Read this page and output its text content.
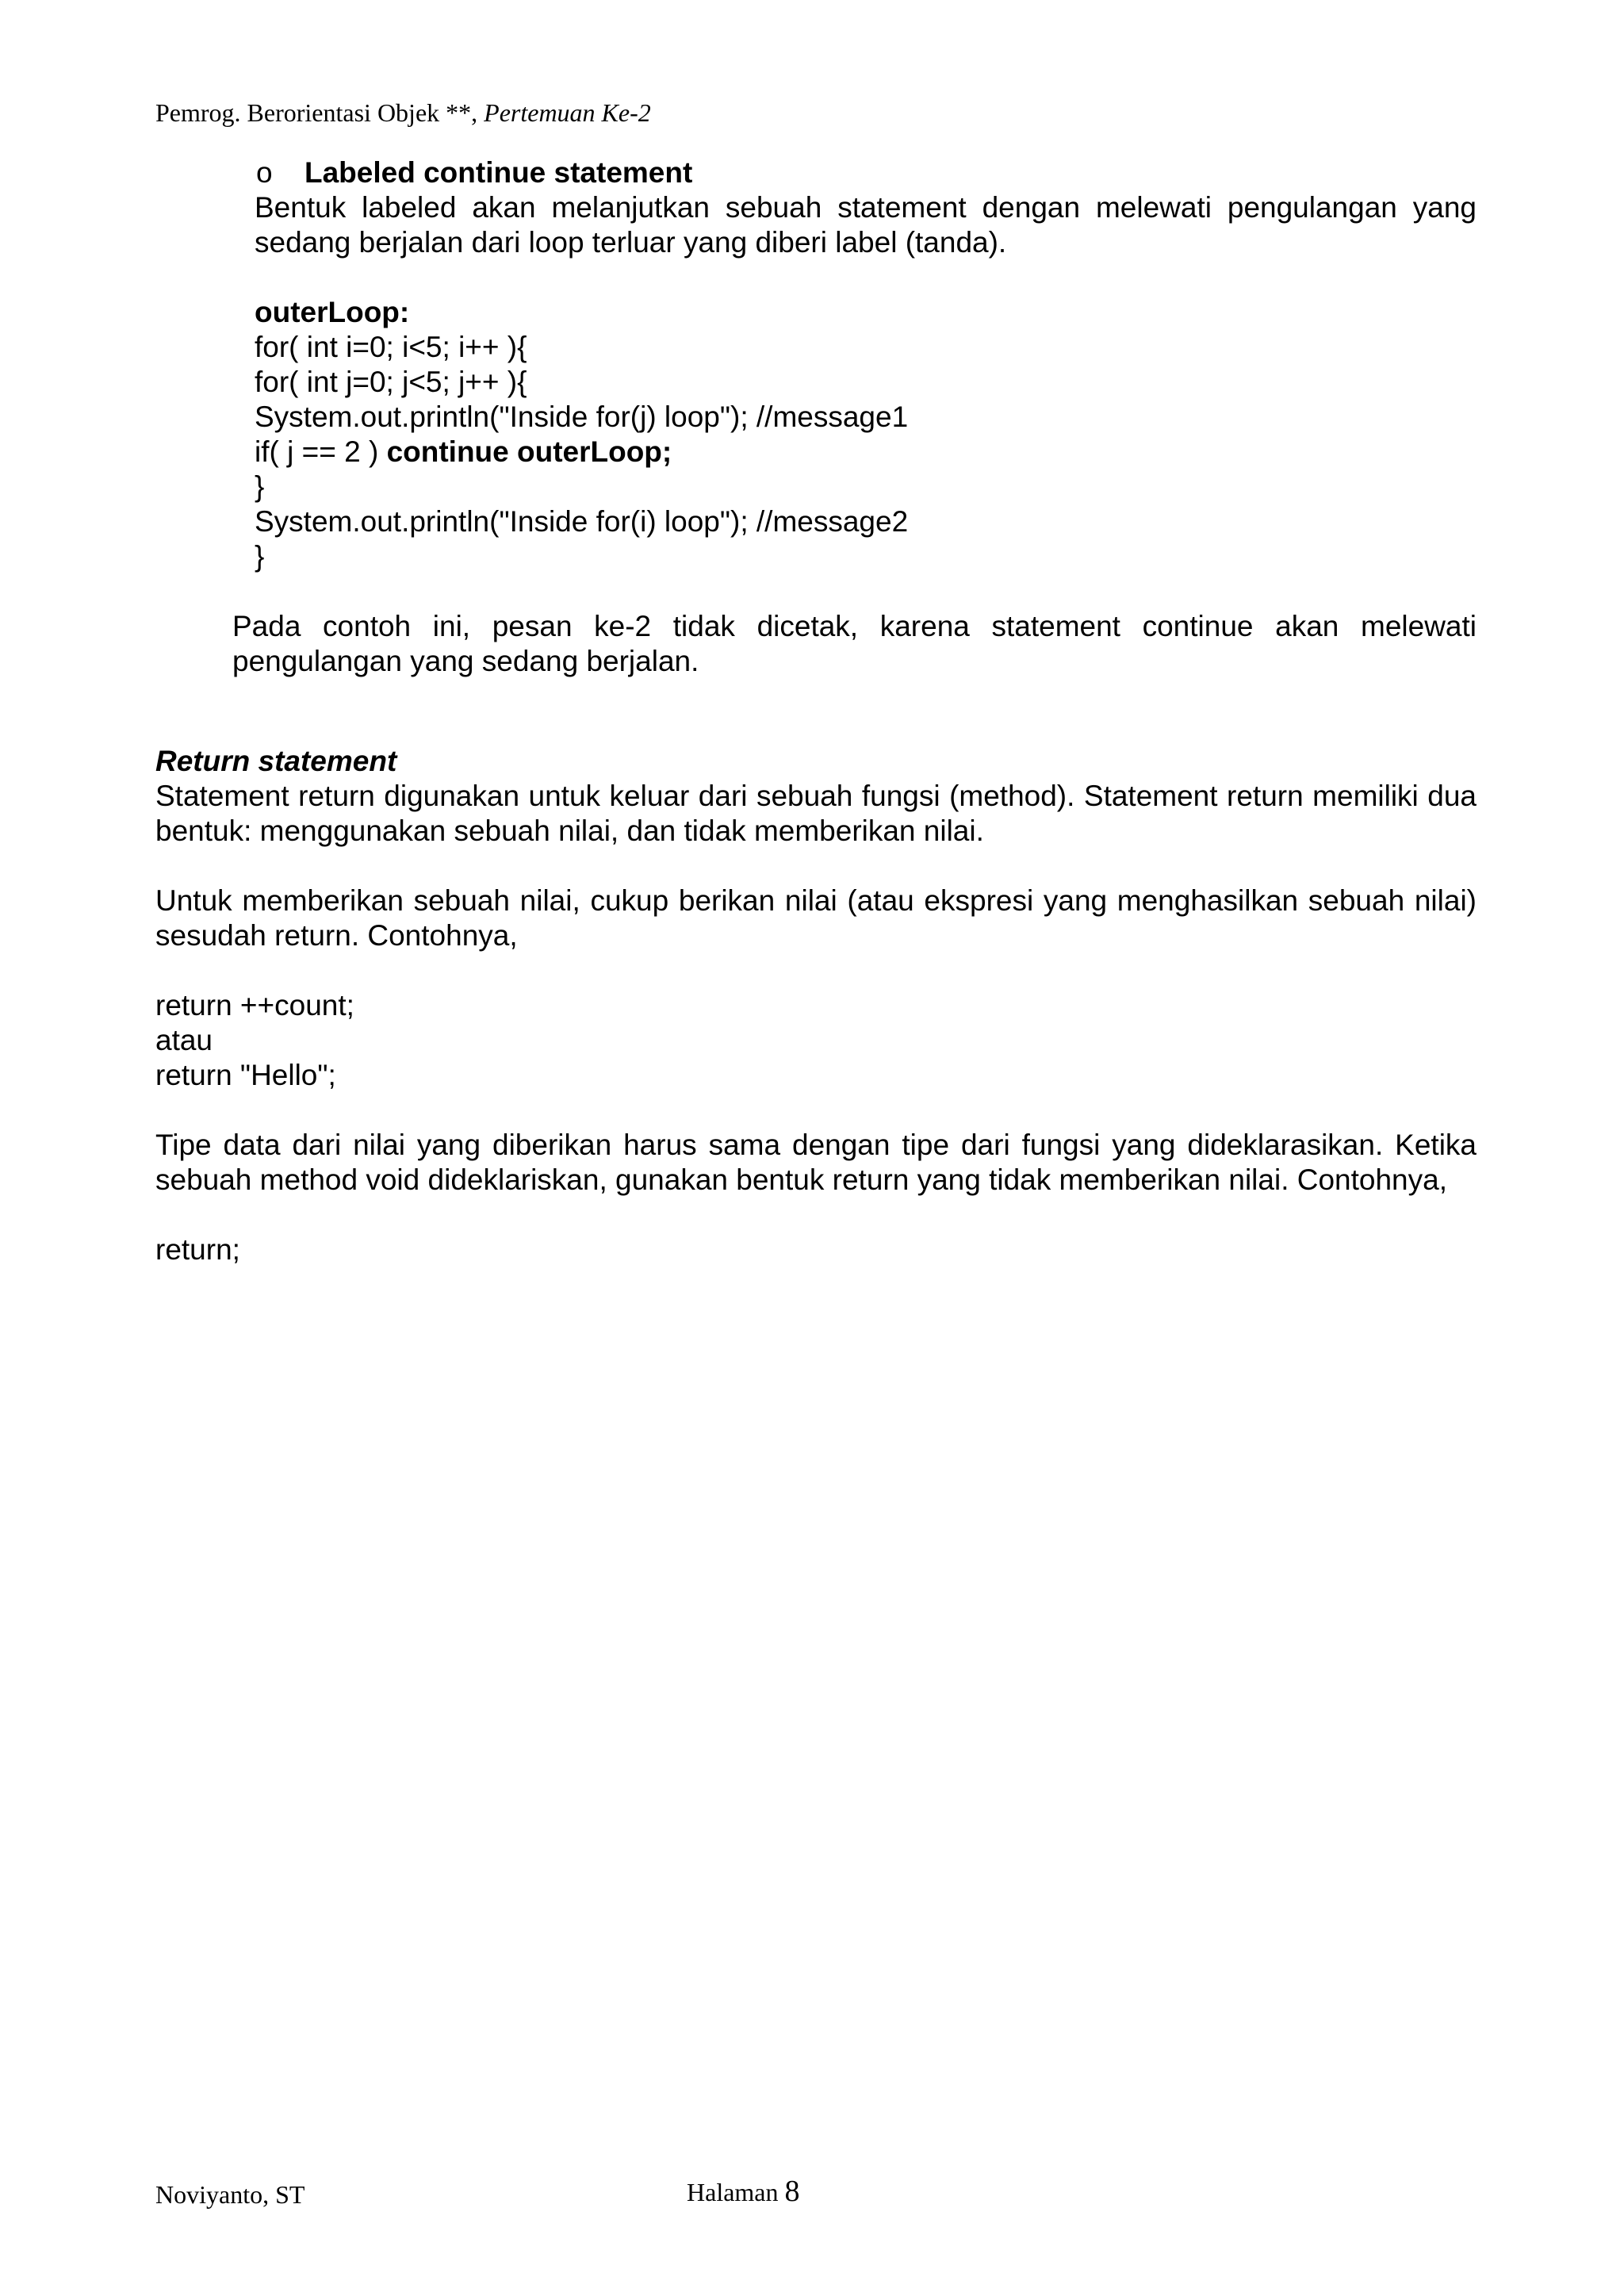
Pemrog. Berorientasi Objek **, Pertemuan Ke-2
o Labeled continue statement

Bentuk labeled akan melanjutkan sebuah statement dengan melewati pengulangan yang sedang berjalan dari loop terluar yang diberi label (tanda).

outerLoop:

for( int i=0; i<5; i++ ){

for( int j=0; j<5; j++ ){

System.out.println("Inside for(j) loop"); //message1

if( j == 2 ) continue outerLoop;

}

System.out.println("Inside for(i) loop"); //message2

}

Pada contoh ini, pesan ke-2 tidak dicetak, karena statement continue akan melewati pengulangan yang sedang berjalan.

Return statement

Statement return digunakan untuk keluar dari sebuah fungsi (method). Statement return memiliki dua bentuk: menggunakan sebuah nilai, dan tidak memberikan nilai.

Untuk memberikan sebuah nilai, cukup berikan nilai (atau ekspresi yang menghasilkan sebuah nilai) sesudah return. Contohnya,

return ++count;

atau

return "Hello";

Tipe data dari nilai yang diberikan harus sama dengan tipe dari fungsi yang dideklarasikan. Ketika sebuah method void dideklariskan, gunakan bentuk return yang tidak memberikan nilai. Contohnya,

return;

Noviyanto, ST	Halaman 8
